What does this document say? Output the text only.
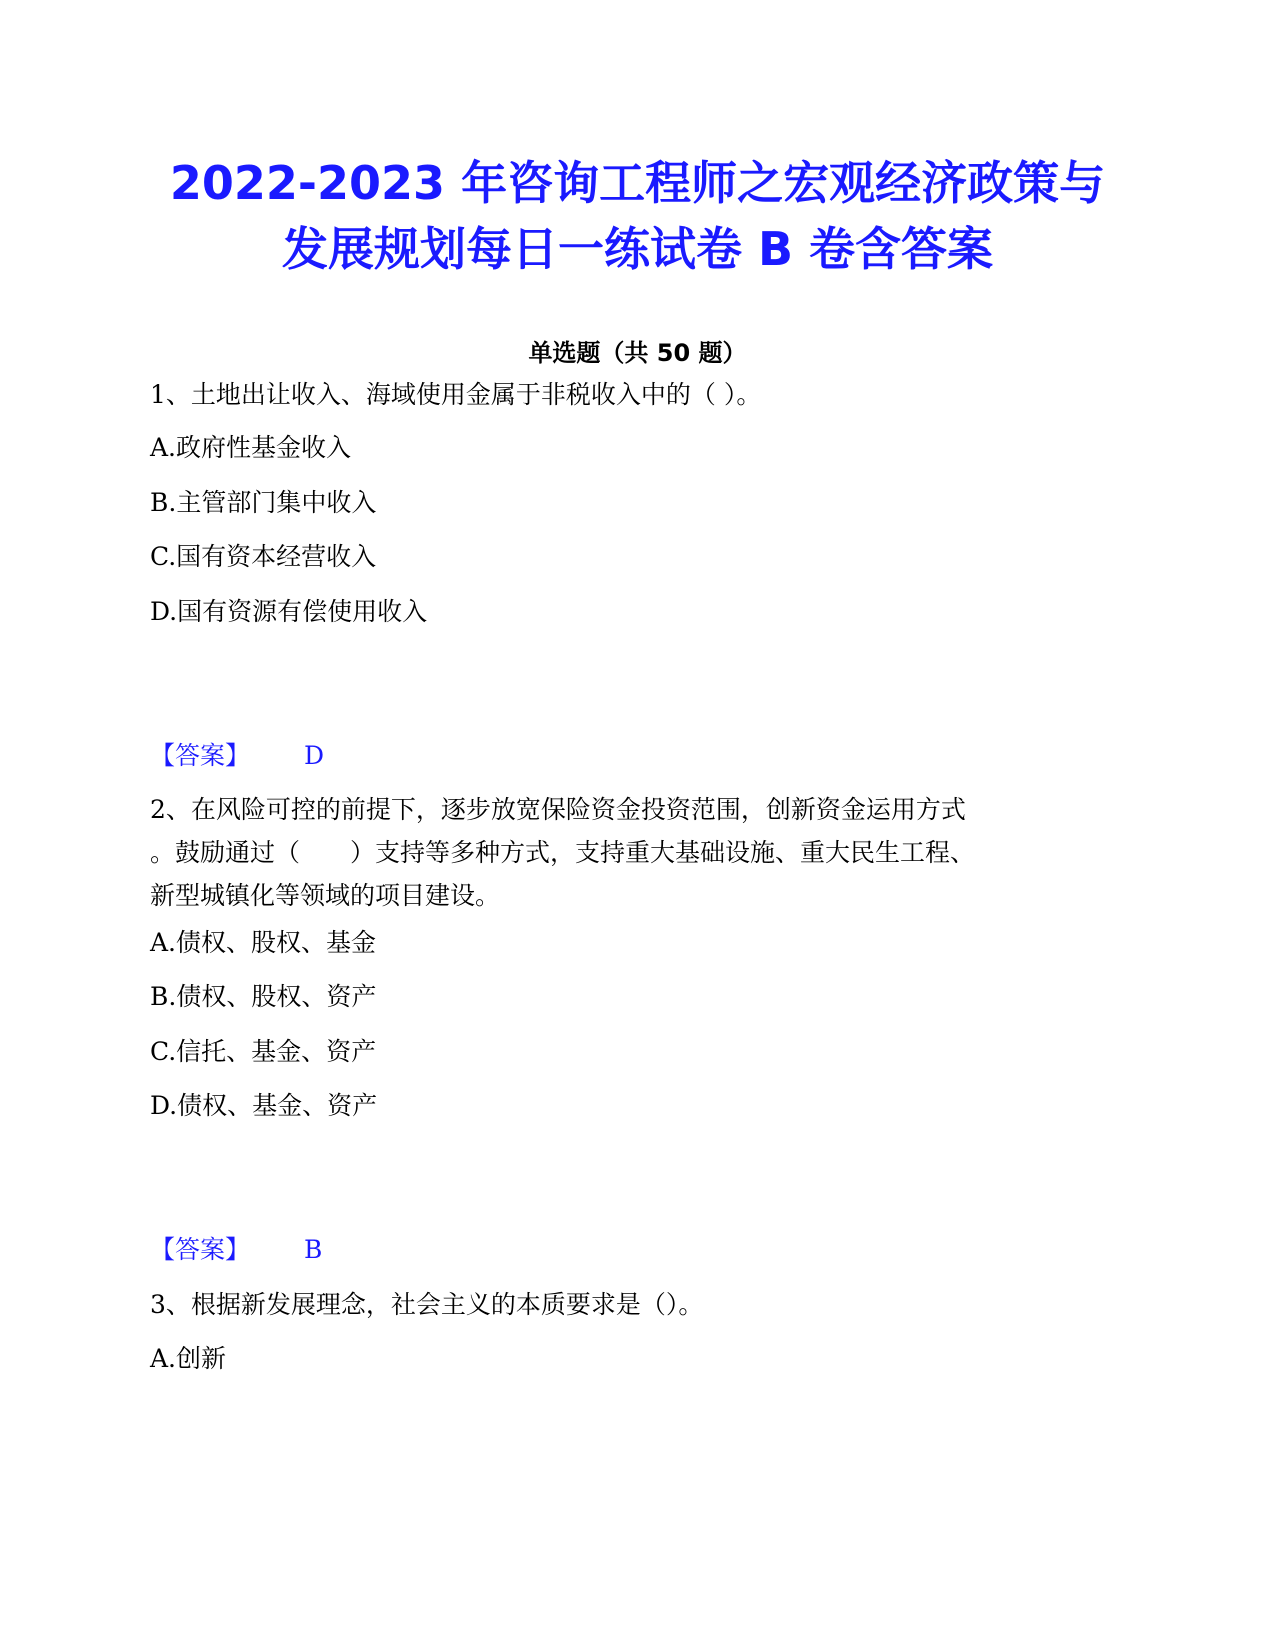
2022-2023 年咨询工程师之宏观经济政策与
发展规划每日一练试卷 B 卷含答案
单选题（共 50 题）
1、土地出让收入、海域使用金属于非税收入中的（ ）。
A.政府性基金收入
B.主管部门集中收入
C.国有资本经营收入
D.国有资源有偿使用收入
【答案】 D
2、在风险可控的前提下，逐步放宽保险资金投资范围，创新资金运用方式
。鼓励通过（　　）支持等多种方式，支持重大基础设施、重大民生工程、
新型城镇化等领域的项目建设。
A.债权、股权、基金
B.债权、股权、资产
C.信托、基金、资产
D.债权、基金、资产
【答案】 B
3、根据新发展理念，社会主义的本质要求是（）。
A.创新
